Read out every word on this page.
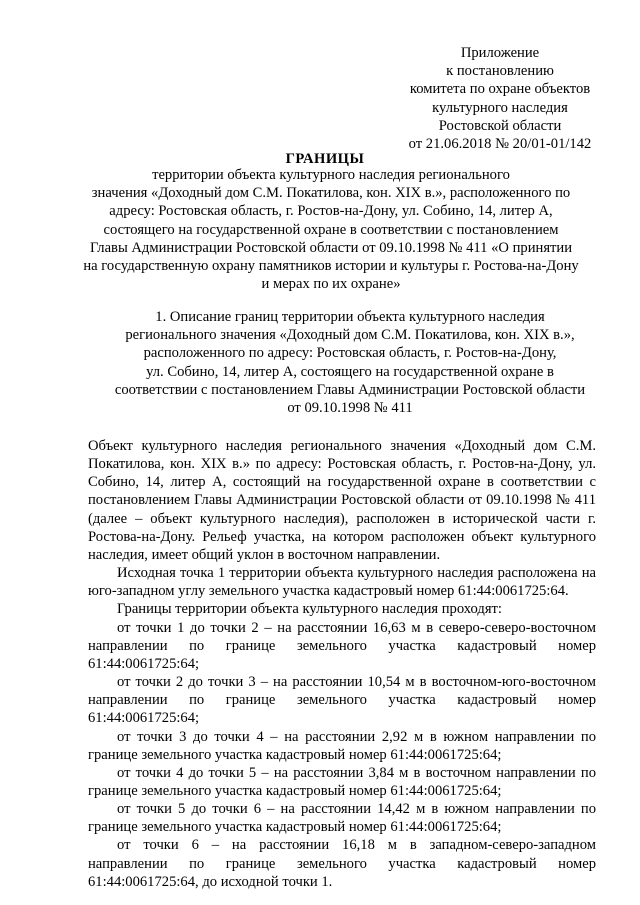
Приложение
к постановлению
комитета по охране объектов
культурного наследия
Ростовской области
от 21.06.2018 № 20/01-01/142
ГРАНИЦЫ
территории объекта культурного наследия регионального
значения «Доходный дом С.М. Покатилова, кон. XIX в.», расположенного по
адресу: Ростовская область, г. Ростов-на-Дону, ул. Собино, 14, литер А,
состоящего на государственной охране в соответствии с постановлением
Главы Администрации Ростовской области от 09.10.1998 № 411 «О принятии
на государственную охрану памятников истории и культуры г. Ростова-на-Дону
и мерах по их охране»
1. Описание границ территории объекта культурного наследия
регионального значения «Доходный дом С.М. Покатилова, кон. XIX в.»,
расположенного по адресу: Ростовская область, г. Ростов-на-Дону,
ул. Собино, 14, литер А, состоящего на государственной охране в
соответствии с постановлением Главы Администрации Ростовской области
от 09.10.1998 № 411

Объект культурного наследия регионального значения «Доходный дом С.М. Покатилова, кон. XIX в.» по адресу: Ростовская область, г. Ростов-на-Дону, ул. Собино, 14, литер А, состоящий на государственной охране в соответствии с постановлением Главы Администрации Ростовской области от 09.10.1998 № 411 (далее – объект культурного наследия), расположен в исторической части г. Ростова-на-Дону. Рельеф участка, на котором расположен объект культурного наследия, имеет общий уклон в восточном направлении.

Исходная точка 1 территории объекта культурного наследия расположена на юго-западном углу земельного участка кадастровый номер 61:44:0061725:64.

Границы территории объекта культурного наследия проходят:

от точки 1 до точки 2 – на расстоянии 16,63 м в северо-северо-восточном направлении по границе земельного участка кадастровый номер 61:44:0061725:64;

от точки 2 до точки 3 – на расстоянии 10,54 м в восточном-юго-восточном направлении по границе земельного участка кадастровый номер 61:44:0061725:64;

от точки 3 до точки 4 – на расстоянии 2,92 м в южном направлении по границе земельного участка кадастровый номер 61:44:0061725:64;

от точки 4 до точки 5 – на расстоянии 3,84 м в восточном направлении по границе земельного участка кадастровый номер 61:44:0061725:64;

от точки 5 до точки 6 – на расстоянии 14,42 м в южном направлении по границе земельного участка кадастровый номер 61:44:0061725:64;

от точки 6 – на расстоянии 16,18 м в западном-северо-западном направлении по границе земельного участка кадастровый номер 61:44:0061725:64, до исходной точки 1.
